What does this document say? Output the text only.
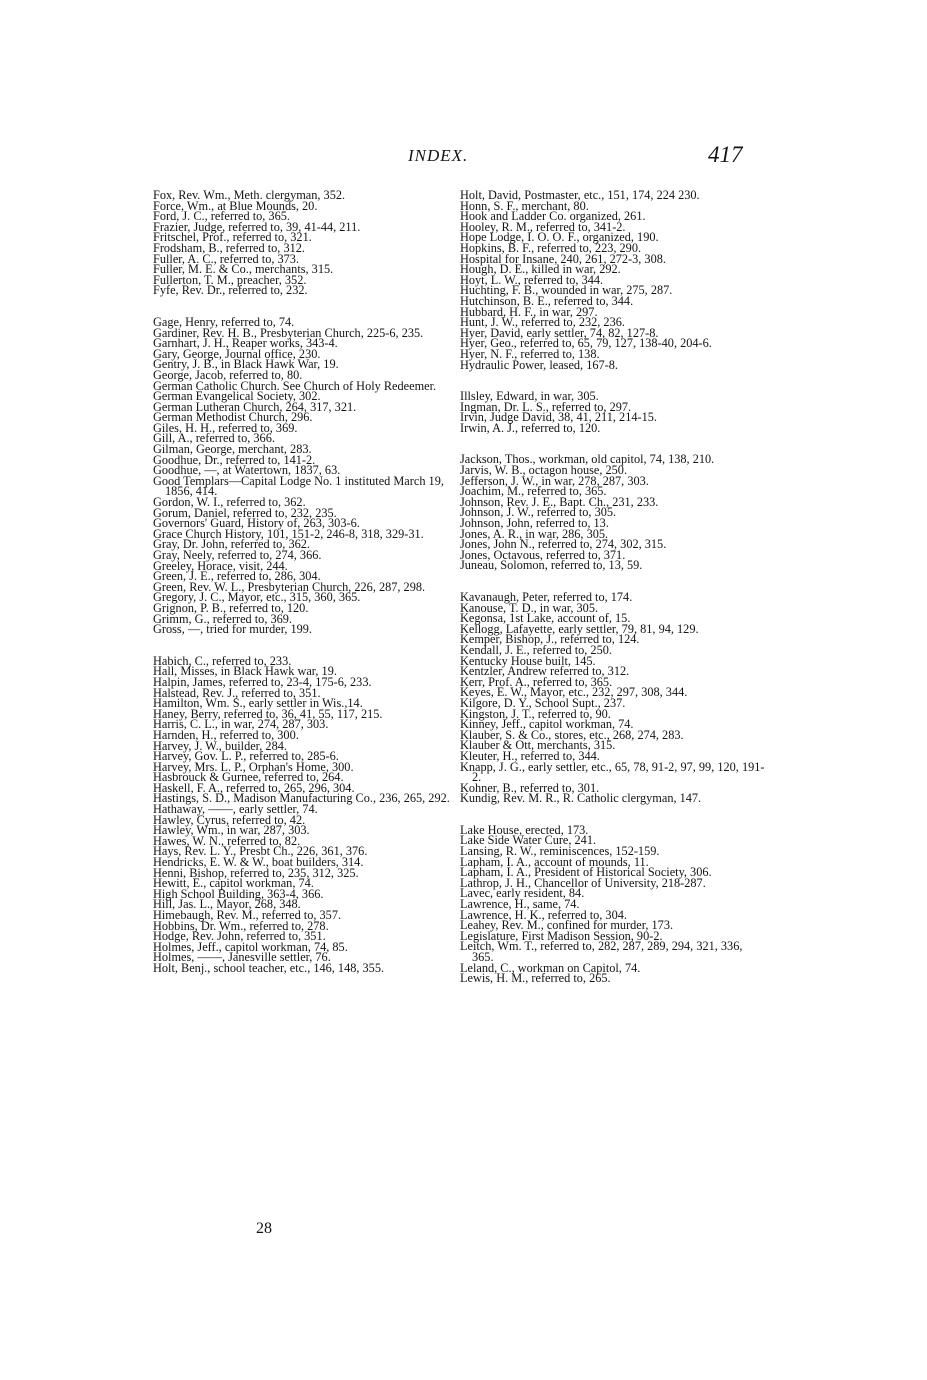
INDEX.	417

Fox, Rev. Wm., Meth. clergyman, 352.

Force, Wm., at Blue Mounds, 20.

Ford, J. C., referred to, 365.

Frazier, Judge, referred to, 39, 41-44, 211.

Fritschel, Prof., referred to, 321.

Frodsham, B., referred to, 312.

Fuller, A. C., referred to, 373.

Fuller, M. E. & Co., merchants, 315.

Fullerton, T. M., preacher, 352.

Fyfe, Rev. Dr., referred to, 232.

Gage, Henry, referred to, 74.

Gardiner, Rev. H. B., Presbyterian Church, 225-6, 235.

Garnhart, J. H., Reaper works, 343-4.

Gary, George, Journal office, 230.

Gentry, J. B., in Black Hawk War, 19.

George, Jacob, referred to, 80.

German Catholic Church. See Church of Holy Redeemer.

German Evangelical Society, 302.

German Lutheran Church, 264, 317, 321.

German Methodist Church, 296.

Giles, H. H., referred to, 369.

Gill, A., referred to, 366.

Gilman, George, merchant, 283.

Goodhue, Dr., referred to, 141-2.

Goodhue, —, at Watertown, 1837, 63.

Good Templars—Capital Lodge No. 1 instituted March 19, 1856, 414.

Gordon, W. I., referred to, 362.

Gorum, Daniel, referred to, 232, 235.

Governors' Guard, History of, 263, 303-6.

Grace Church History, 101, 151-2, 246-8, 318, 329-31.

Gray, Dr. John, referred to, 362.

Gray, Neely, referred to, 274, 366.

Greeley, Horace, visit, 244.

Green, J. E., referred to, 286, 304.

Green, Rev. W. L., Presbyterian Church, 226, 287, 298.

Gregory, J. C., Mayor, etc., 315, 360, 365.

Grignon, P. B., referred to, 120.

Grimm, G., referred to, 369.

Gross, —, tried for murder, 199.

Habich, C., referred to, 233.

Hall, Misses, in Black Hawk war, 19.

Halpin, James, referred to, 23-4, 175-6, 233.

Halstead, Rev. J., referred to, 351.

Hamilton, Wm. S., early settler in Wis.,14.

Haney, Berry, referred to, 36, 41, 55, 117, 215.

Harris, C. L., in war, 274, 287, 303.

Harnden, H., referred to, 300.

Harvey, J. W., builder, 284.

Harvey, Gov. L. P., referred to, 285-6.

Harvey, Mrs. L. P., Orphan's Home, 300.

Hasbrouck & Gurnee, referred to, 264.

Haskell, F. A., referred to, 265, 296, 304.

Hastings, S. D., Madison Manufacturing Co., 236, 265, 292.

Hathaway, ——, early settler, 74.

Hawley, Cyrus, referred to, 42.

Hawley, Wm., in war, 287, 303.

Hawes, W. N., referred to, 82.

Hays, Rev. L. Y., Presbt Ch., 226, 361, 376.

Hendricks, E. W. & W., boat builders, 314.

Henni, Bishop, referred to, 235, 312, 325.

Hewitt, E., capitol workman, 74.

High School Building, 363-4, 366.

Hill, Jas. L., Mayor, 268, 348.

Himebaugh, Rev. M., referred to, 357.

Hobbins, Dr. Wm., referred to, 278.

Hodge, Rev. John, referred to, 351.

Holmes, Jeff., capitol workman, 74, 85.

Holmes, ——, Janesville settler, 76.

Holt, Benj., school teacher, etc., 146, 148, 355.

Holt, David, Postmaster, etc., 151, 174, 224 230.

Honn, S. F., merchant, 80.

Hook and Ladder Co. organized, 261.

Hooley, R. M., referred to, 341-2.

Hope Lodge, I. O. O. F., organized, 190.

Hopkins, B. F., referred to, 223, 290.

Hospital for Insane, 240, 261, 272-3, 308.

Hough, D. E., killed in war, 292.

Hoyt, L. W., referred to, 344.

Huchting, F. B., wounded in war, 275, 287.

Hutchinson, B. E., referred to, 344.

Hubbard, H. F., in war, 297.

Hunt, J. W., referred to, 232, 236.

Hyer, David, early settler, 74, 82, 127-8.

Hyer, Geo., referred to, 65, 79, 127, 138-40, 204-6.

Hyer, N. F., referred to, 138.

Hydraulic Power, leased, 167-8.

Illsley, Edward, in war, 305.

Ingman, Dr. L. S., referred to, 297.

Irvin, Judge David, 38, 41, 211, 214-15.

Irwin, A. J., referred to, 120.

Jackson, Thos., workman, old capitol, 74, 138, 210.

Jarvis, W. B., octagon house, 250.

Jefferson, J. W., in war, 278, 287, 303.

Joachim, M., referred to, 365.

Johnson, Rev. J. E., Bapt. Ch., 231, 233.

Johnson, J. W., referred to, 305.

Johnson, John, referred to, 13.

Jones, A. R., in war, 286, 305.

Jones, John N., referred to, 274, 302, 315.

Jones, Octavous, referred to, 371.

Juneau, Solomon, referred to, 13, 59.

Kavanaugh, Peter, referred to, 174.

Kanouse, T. D., in war, 305.

Kegonsa, 1st Lake, account of, 15.

Kellogg, Lafayette, early settler, 79, 81, 94, 129.

Kemper, Bishop, J., referred to, 124.

Kendall, J. E., referred to, 250.

Kentucky House built, 145.

Kentzler, Andrew referred to, 312.

Kerr, Prof. A., referred to, 365.

Keyes, E. W., Mayor, etc., 232, 297, 308, 344.

Kilgore, D. Y., School Supt., 237.

Kingston, J. T., referred to, 90.

Kinney, Jeff., capitol workman, 74.

Klauber, S. & Co., stores, etc., 268, 274, 283.

Klauber & Ott, merchants, 315.

Kleuter, H., referred to, 344.

Knapp, J. G., early settler, etc., 65, 78, 91-2, 97, 99, 120, 191-2.

Kohner, B., referred to, 301.

Kundig, Rev. M. R., R. Catholic clergyman, 147.

Lake House, erected, 173.

Lake Side Water Cure, 241.

Lansing, R. W., reminiscences, 152-159.

Lapham, I. A., account of mounds, 11.

Lapham, I. A., President of Historical Society, 306.

Lathrop, J. H., Chancellor of University, 218-287.

Lavec, early resident, 84.

Lawrence, H., same, 74.

Lawrence, H. K., referred to, 304.

Leahey, Rev. M., confined for murder, 173.

Legislature, First Madison Session, 90-2.

Leitch, Wm. T., referred to, 282, 287, 289, 294, 321, 336, 365.

Leland, C., workman on Capitol, 74.

Lewis, H. M., referred to, 265.

28
